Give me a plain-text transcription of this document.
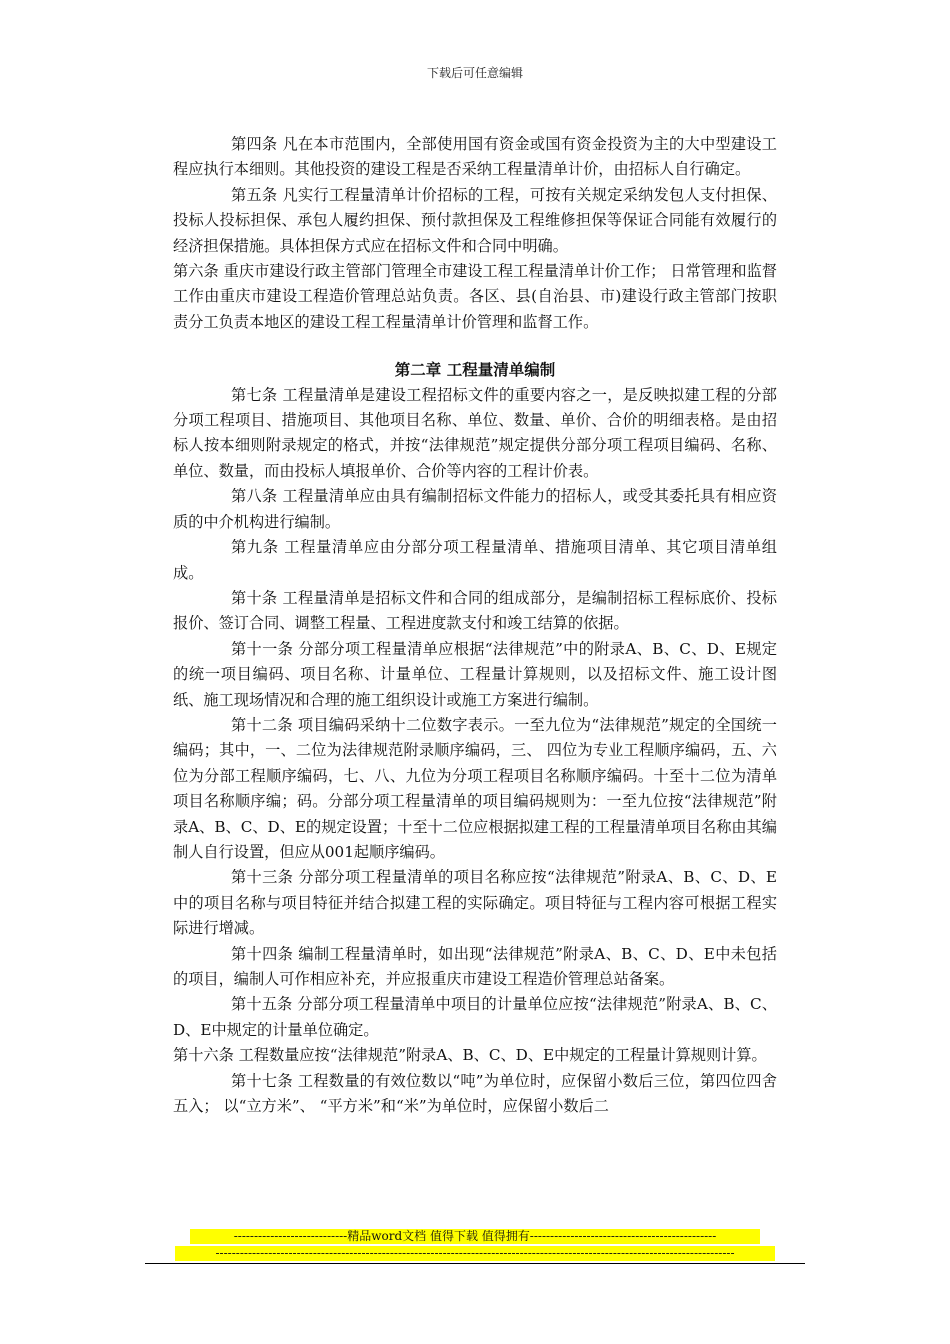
下载后可任意编辑

第四条 凡在本市范围内，全部使用国有资金或国有资金投资为主的大中型建设工程应执行本细则。其他投资的建设工程是否采纳工程量清单计价，由招标人自行确定。

第五条 凡实行工程量清单计价招标的工程，可按有关规定采纳发包人支付担保、投标人投标担保、承包人履约担保、预付款担保及工程维修担保等保证合同能有效履行的经济担保措施。具体担保方式应在招标文件和合同中明确。

第六条 重庆市建设行政主管部门管理全市建设工程工程量清单计价工作； 日常管理和监督工作由重庆市建设工程造价管理总站负责。各区、县(自治县、市)建设行政主管部门按职责分工负责本地区的建设工程工程量清单计价管理和监督工作。

第二章 工程量清单编制

第七条 工程量清单是建设工程招标文件的重要内容之一，是反映拟建工程的分部分项工程项目、措施项目、其他项目名称、单位、数量、单价、合价的明细表格。是由招标人按本细则附录规定的格式，并按“法律规范”规定提供分部分项工程项目编码、名称、单位、数量，而由投标人填报单价、合价等内容的工程计价表。

第八条 工程量清单应由具有编制招标文件能力的招标人，或受其委托具有相应资质的中介机构进行编制。

第九条 工程量清单应由分部分项工程量清单、措施项目清单、其它项目清单组成。

第十条 工程量清单是招标文件和合同的组成部分，是编制招标工程标底价、投标报价、签订合同、调整工程量、工程进度款支付和竣工结算的依据。

第十一条 分部分项工程量清单应根据“法律规范”中的附录A、B、C、D、E规定的统一项目编码、项目名称、计量单位、工程量计算规则，以及招标文件、施工设计图纸、施工现场情况和合理的施工组织设计或施工方案进行编制。

第十二条 项目编码采纳十二位数字表示。一至九位为“法律规范”规定的全国统一编码；其中，一、二位为法律规范附录顺序编码，三、 四位为专业工程顺序编码，五、六位为分部工程顺序编码，七、八、九位为分项工程项目名称顺序编码。十至十二位为清单项目名称顺序编；码。分部分项工程量清单的项目编码规则为：一至九位按“法律规范”附录A、B、C、D、E的规定设置；十至十二位应根据拟建工程的工程量清单项目名称由其编制人自行设置，但应从001起顺序编码。

第十三条 分部分项工程量清单的项目名称应按“法律规范”附录A、B、C、D、E中的项目名称与项目特征并结合拟建工程的实际确定。项目特征与工程内容可根据工程实际进行增减。

第十四条 编制工程量清单时，如出现“法律规范”附录A、B、C、D、E中未包括的项目，编制人可作相应补充，并应报重庆市建设工程造价管理总站备案。

第十五条 分部分项工程量清单中项目的计量单位应按“法律规范”附录A、B、C、D、E中规定的计量单位确定。

第十六条 工程数量应按“法律规范”附录A、B、C、D、E中规定的工程量计算规则计算。

第十七条 工程数量的有效位数以“吨”为单位时，应保留小数后三位，第四位四舍五入； 以“立方米”、 “平方米”和“米”为单位时，应保留小数后二

----------------------------精品word文档 值得下载 值得拥有----------------------------------------------
--------------------------------------------------------------------------------------------------------------------------------
